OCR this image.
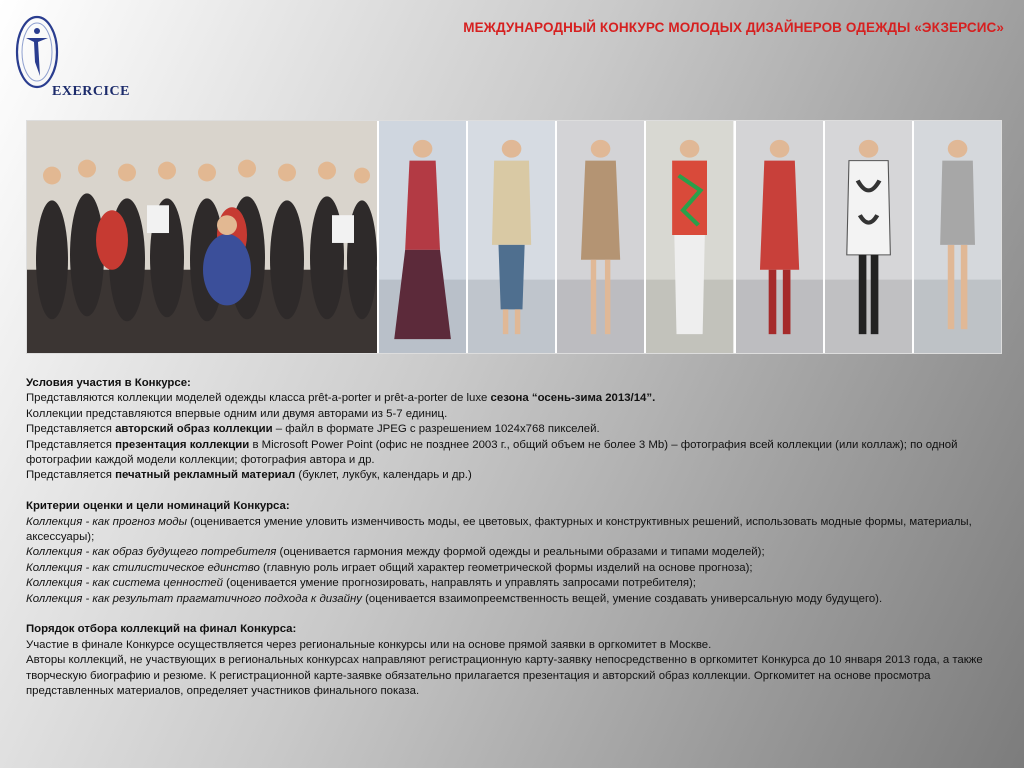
EXERCICE
МЕЖДУНАРОДНЫЙ КОНКУРС МОЛОДЫХ ДИЗАЙНЕРОВ ОДЕЖДЫ «ЭКЗЕРСИС»

Условия участия в Конкурсе:

Представляются коллекции моделей одежды класса prêt-a-porter и prêt-a-porter de luxe сезона “осень-зима 2013/14”.

Коллекции представляются впервые одним или двумя авторами из 5-7 единиц.

Представляется авторский образ коллекции – файл в формате JPEG с разрешением 1024х768 пикселей.

Представляется презентация коллекции в Microsoft Power Point (офис не позднее 2003 г., общий объем не более 3 Mb) – фотография всей коллекции (или коллаж); по одной фотографии каждой модели коллекции; фотография автора и др.

Представляется печатный рекламный материал (буклет, лукбук, календарь и др.)

Критерии оценки и цели номинаций Конкурса:

Коллекция - как прогноз моды (оценивается умение уловить изменчивость моды, ее цветовых, фактурных и конструктивных решений, использовать модные формы, материалы, аксессуары);

Коллекция - как образ будущего потребителя (оценивается гармония между формой одежды и реальными образами и типами моделей);

Коллекция - как стилистическое единство (главную роль играет общий характер геометрической формы изделий на основе прогноза);

Коллекция - как система ценностей (оценивается умение прогнозировать, направлять и управлять запросами потребителя);

Коллекция - как результат прагматичного подхода к дизайну (оценивается взаимопреемственность вещей, умение создавать универсальную моду будущего).

Порядок отбора коллекций на финал Конкурса:

Участие в финале Конкурсе осуществляется через региональные конкурсы или на основе прямой заявки в оргкомитет в Москве.

Авторы коллекций, не участвующих в региональных конкурсах направляют регистрационную карту-заявку непосредственно в оргкомитет Конкурса до 10 января 2013 года, а также творческую биографию и резюме. К регистрационной карте-заявке обязательно прилагается презентация и авторский образ коллекции. Оргкомитет на основе просмотра представленных материалов, определяет участников финального показа.
